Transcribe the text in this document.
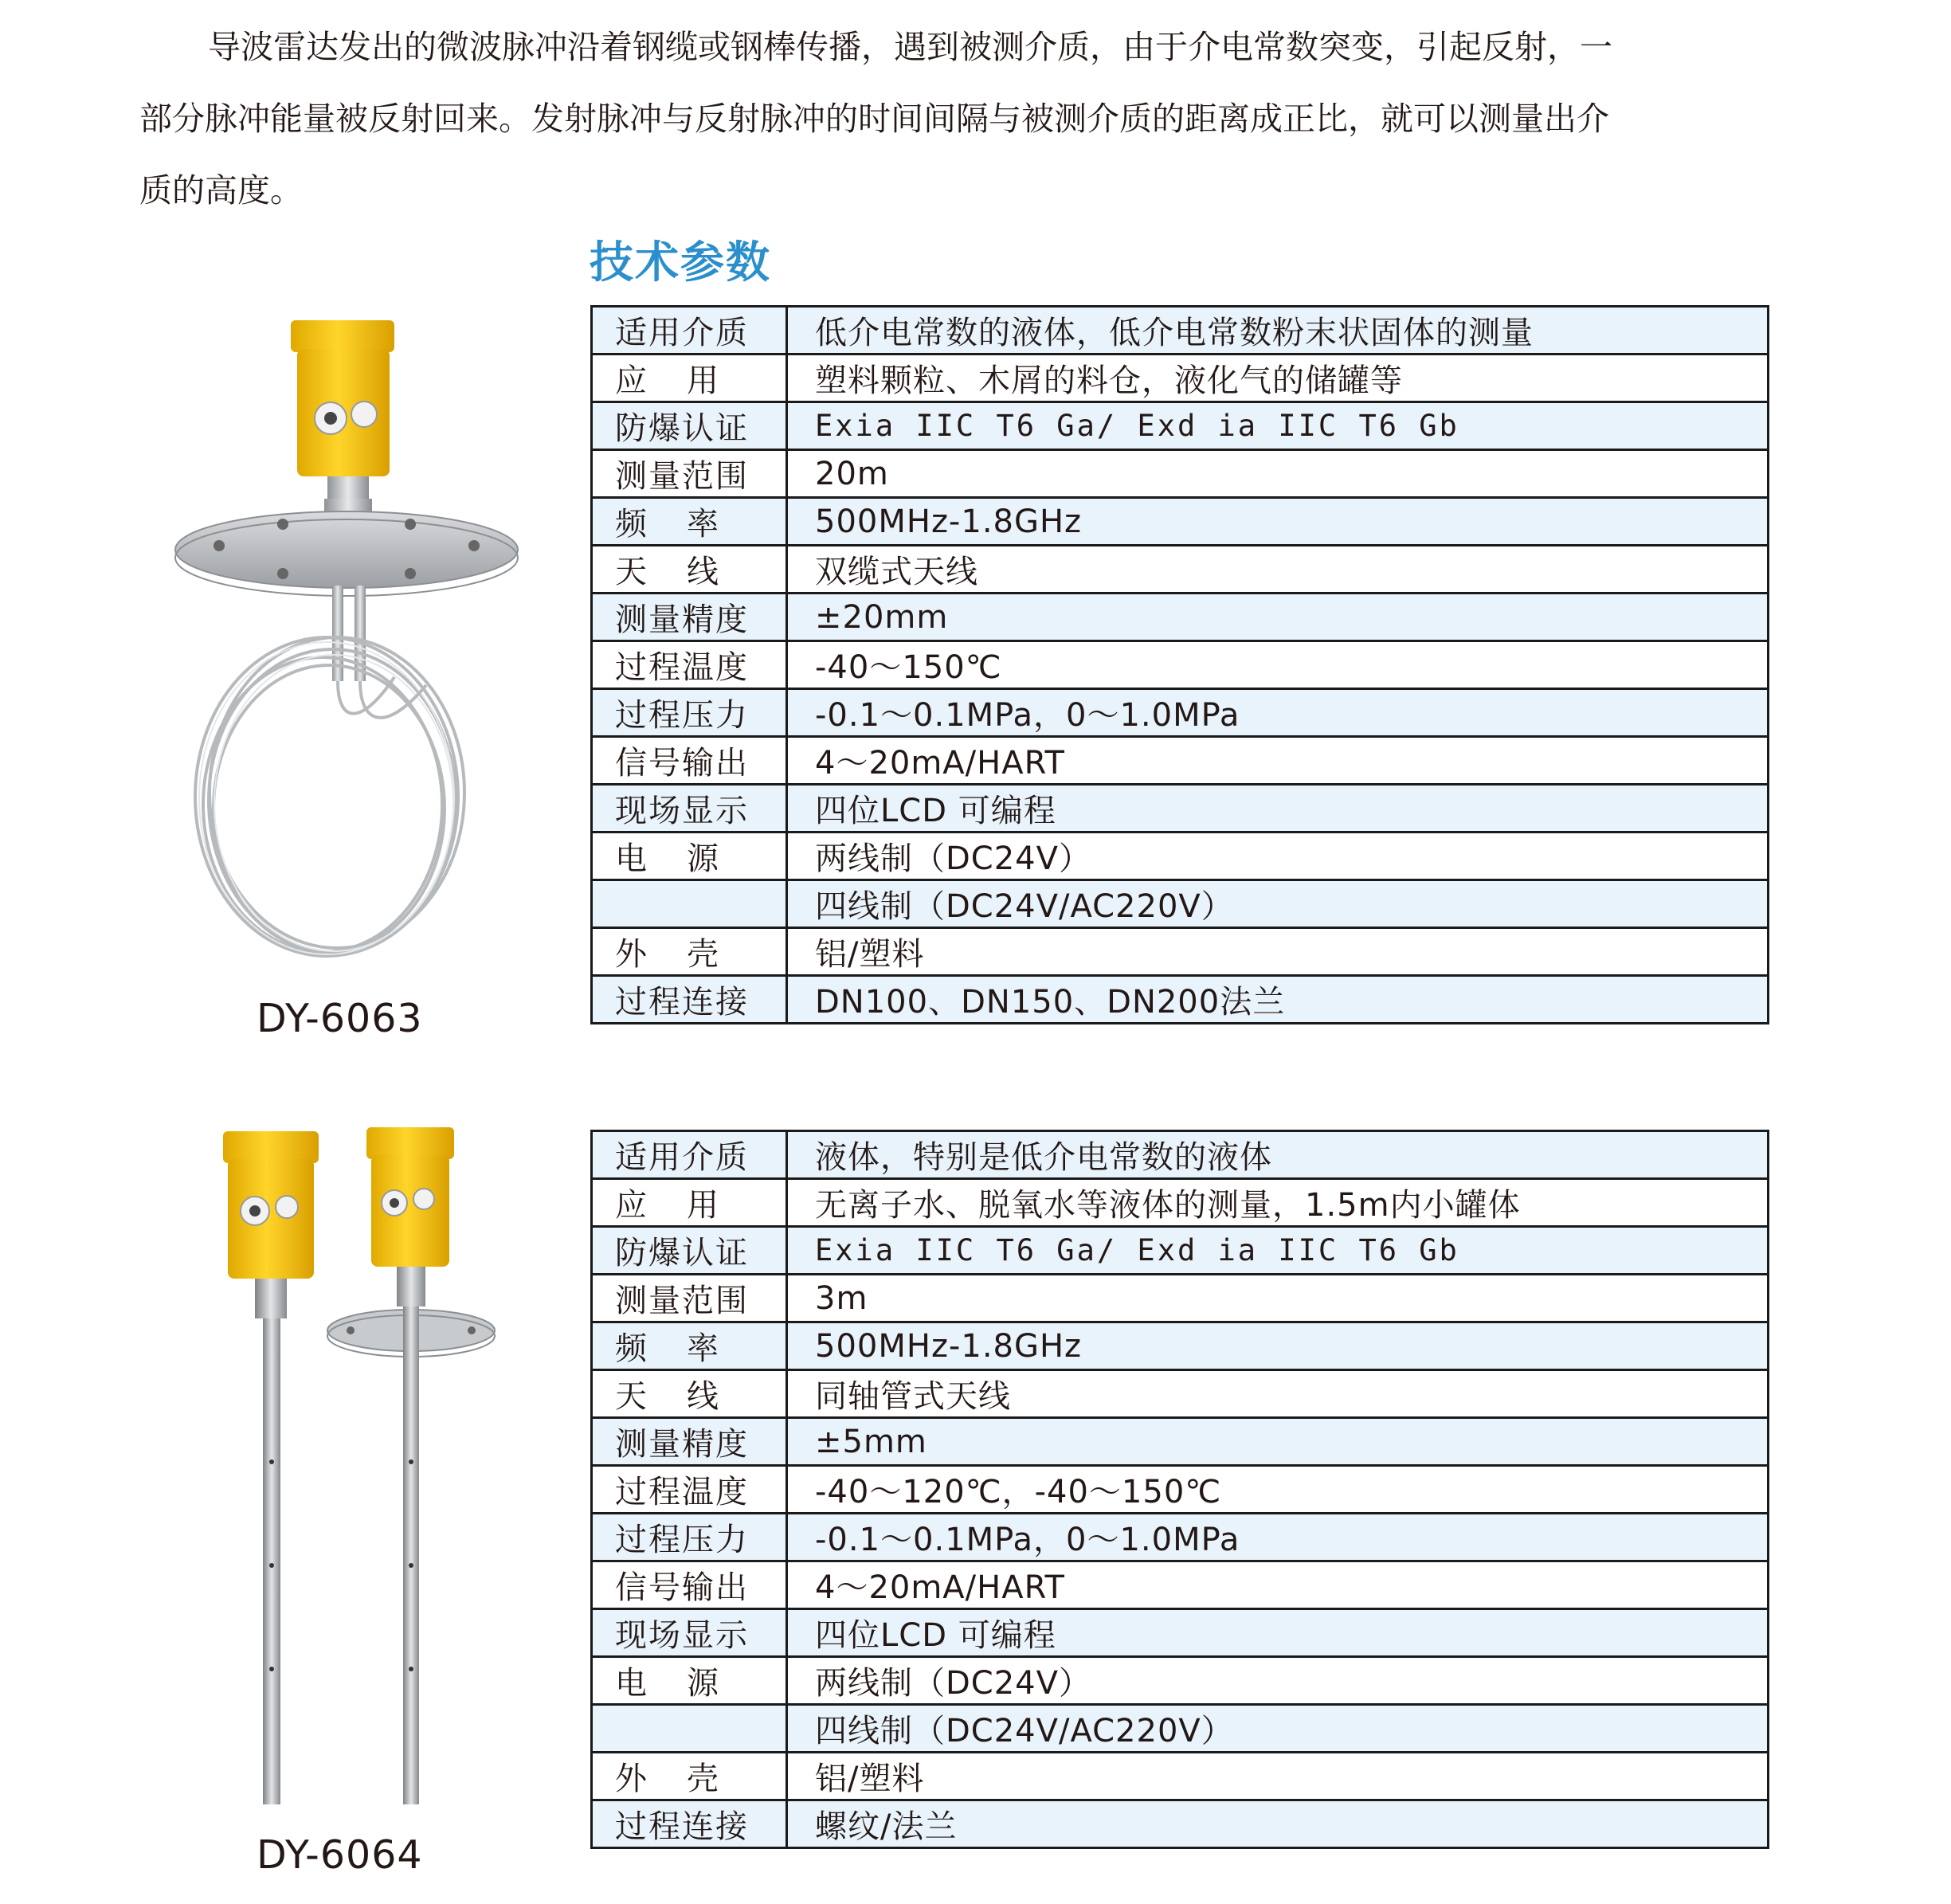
导波雷达发出的微波脉冲沿着钢缆或钢棒传播，遇到被测介质，由于介电常数突变，引起反射，一
部分脉冲能量被反射回来。发射脉冲与反射脉冲的时间间隔与被测介质的距离成正比，就可以测量出介
质的高度。

技术参数
DY-6063
适用介质	低介电常数的液体，低介电常数粉末状固体的测量

应 用	塑料颗粒、木屑的料仓，液化气的储罐等
防爆认证	Exia IIC T6 Ga/ Exd ia IIC T6 Gb
测量范围	20m

频 率	500MHz-1.8GHz

天 线	双缆式天线
测量精度	±20mm
过程温度	-40～150℃
过程压力	-0.1～0.1MPa，0～1.0MPa
信号输出	4～20mA/HART
现场显示	四位LCD 可编程

电 源	两线制（DC24V）
	四线制（DC24V/AC220V）

外 壳	铝/塑料
过程连接	DN100、DN150、DN200法兰
DY-6064
适用介质	液体，特别是低介电常数的液体

应 用	无离子水、脱氧水等液体的测量，1.5m内小罐体
防爆认证	Exia IIC T6 Ga/ Exd ia IIC T6 Gb
测量范围	3m

频 率	500MHz-1.8GHz

天 线	同轴管式天线
测量精度	±5mm
过程温度	-40～120℃，-40～150℃
过程压力	-0.1～0.1MPa，0～1.0MPa
信号输出	4～20mA/HART
现场显示	四位LCD 可编程

电 源	两线制（DC24V）
	四线制（DC24V/AC220V）

外 壳	铝/塑料
过程连接	螺纹/法兰
